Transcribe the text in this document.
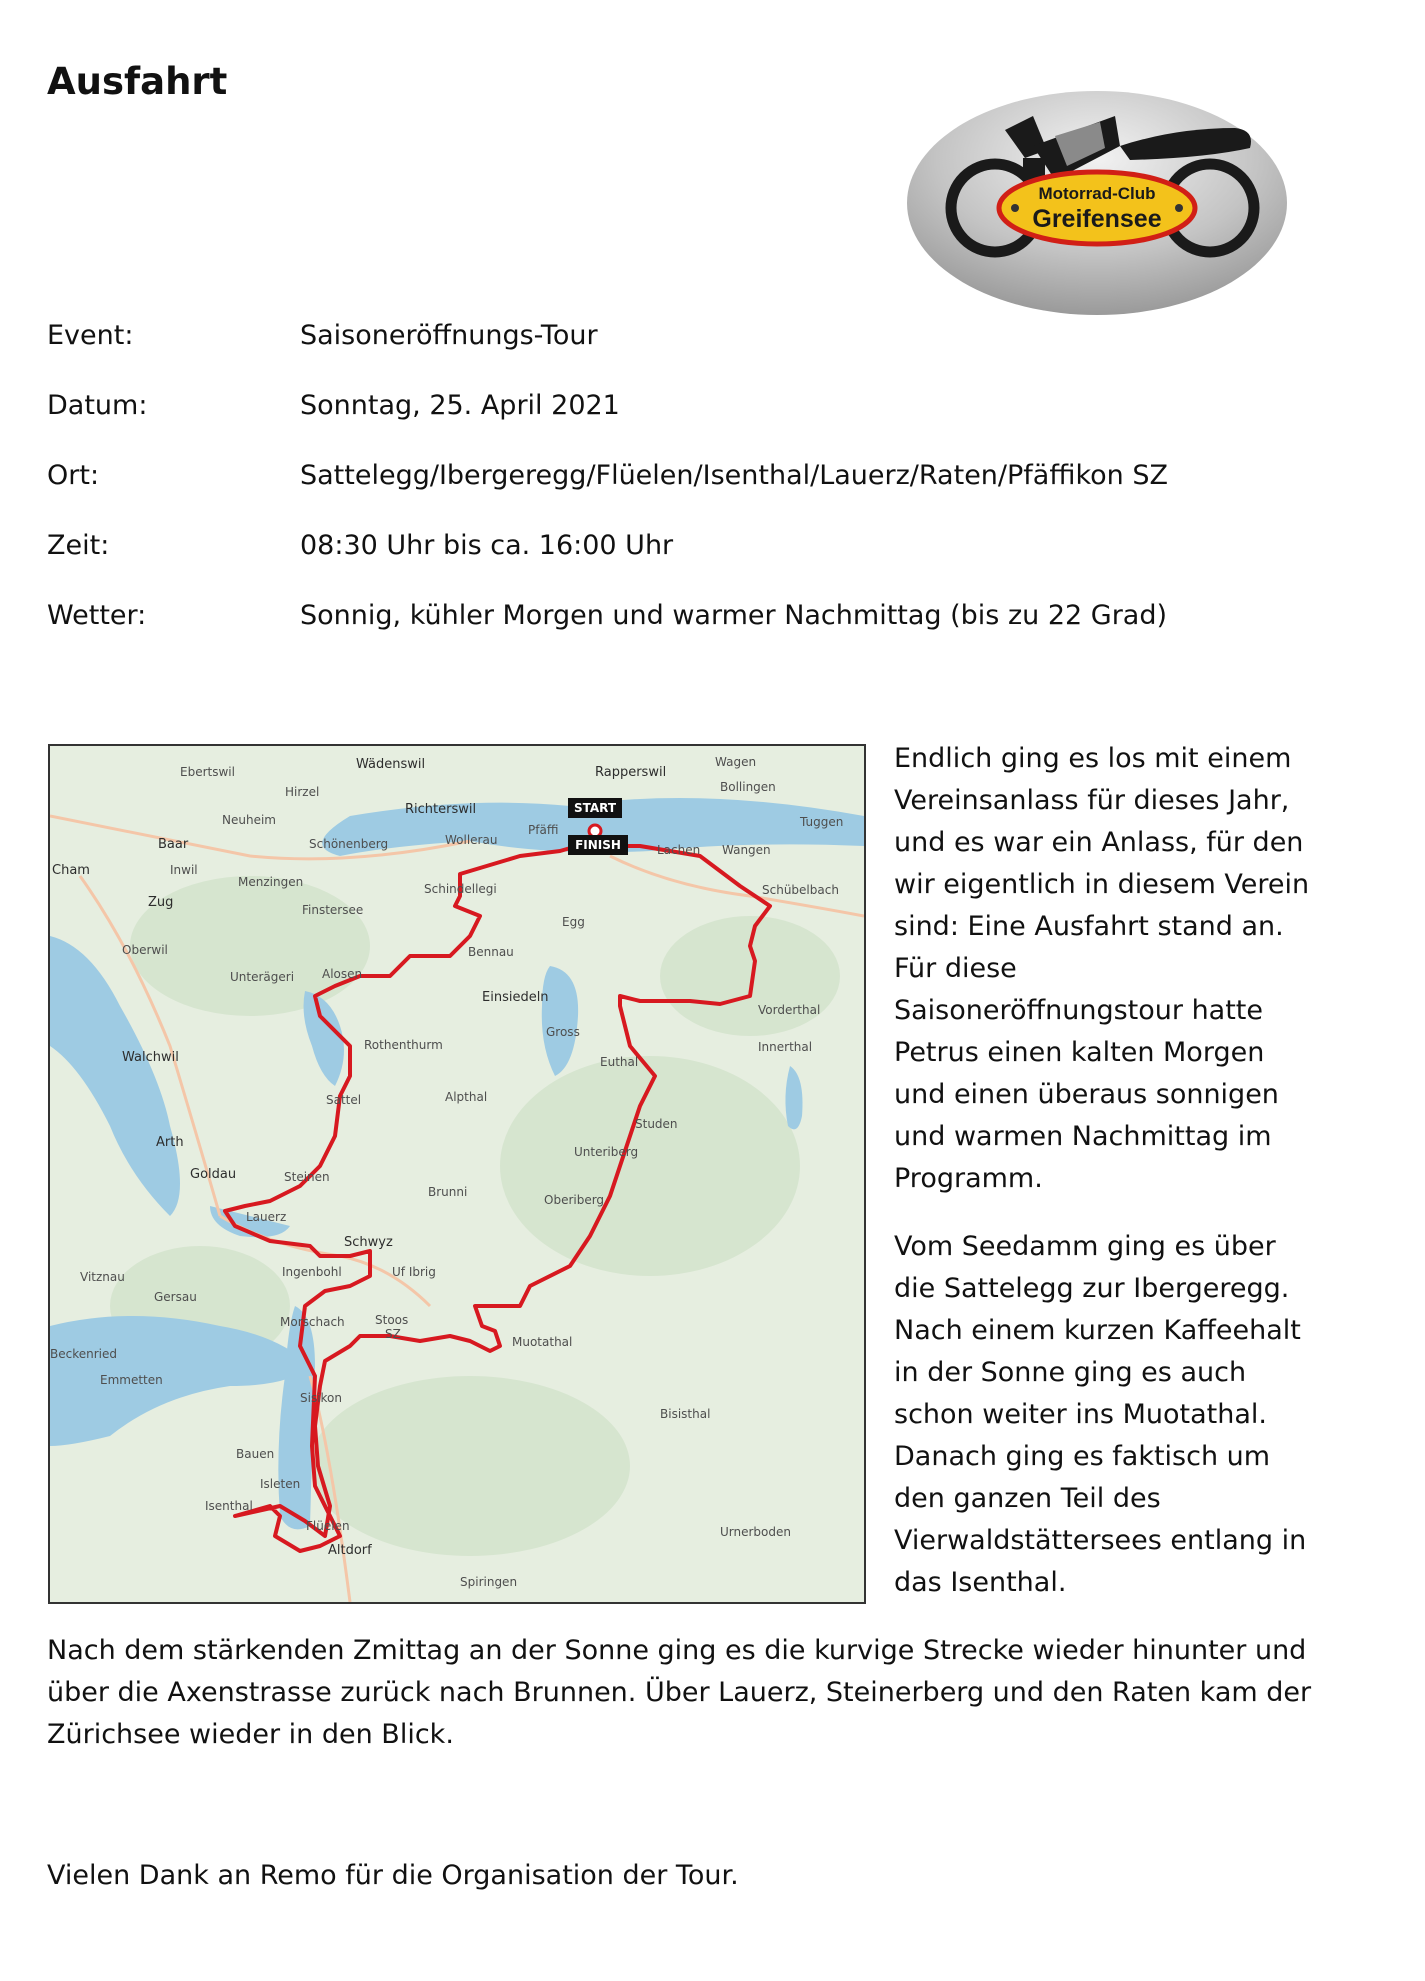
Ausfahrt
Motorrad-Club
Greifensee
Event:	Saisoneröffnungs-Tour
Datum:	Sonntag, 25. April 2021
Ort:	Sattelegg/Ibergeregg/Flüelen/Isenthal/Lauerz/Raten/Pfäffikon SZ
Zeit:	08:30 Uhr bis ca. 16:00 Uhr
Wetter:	Sonnig, kühler Morgen und warmer Nachmittag (bis zu 22 Grad)
START
FINISH
Wädenswil
Rapperswil
Wagen
Bollingen
Tuggen
Ebertswil
Hirzel
Richterswil
Wollerau
Pfäffi
Lachen Wangen
Schübelbach
Neuheim
Baar	Schönenberg
Cham	Inwil
Menzingen
Finstersee
Schindellegi
Zug
Egg
Oberwil	Bennau
Unterägeri Alosen
Einsiedeln
Vorderthal
Gross
Innerthal
Rothenthurm
Walchwil	Euthal
Sattel	Alpthal
Studen
Arth
Unteriberg
Goldau	Steinen
Brunni
Oberiberg
Lauerz
Schwyz
Vitznau	Ingenbohl	Uf Ibrig
Gersau
Morschach	Stoos
SZ
Muotathal
Beckenried
Emmetten
Sisikon
Bisisthal
Bauen
Isleten
Isenthal
Flüelen	Urnerboden
Altdorf
Spiringen

Endlich ging es los mit einem Vereinsanlass für dieses Jahr, und es war ein Anlass, für den wir eigentlich in diesem Verein sind: Eine Ausfahrt stand an. Für diese Saisoneröffnungstour hatte Petrus einen kalten Morgen und einen überaus sonnigen und warmen Nachmittag im Programm.

Vom Seedamm ging es über die Sattelegg zur Ibergeregg. Nach einem kurzen Kaffeehalt in der Sonne ging es auch schon weiter ins Muotathal. Danach ging es faktisch um den ganzen Teil des Vierwaldstättersees entlang in das Isenthal.

Nach dem stärkenden Zmittag an der Sonne ging es die kurvige Strecke wieder hinunter und über die Axenstrasse zurück nach Brunnen. Über Lauerz, Steinerberg und den Raten kam der Zürichsee wieder in den Blick.
Vielen Dank an Remo für die Organisation der Tour.
